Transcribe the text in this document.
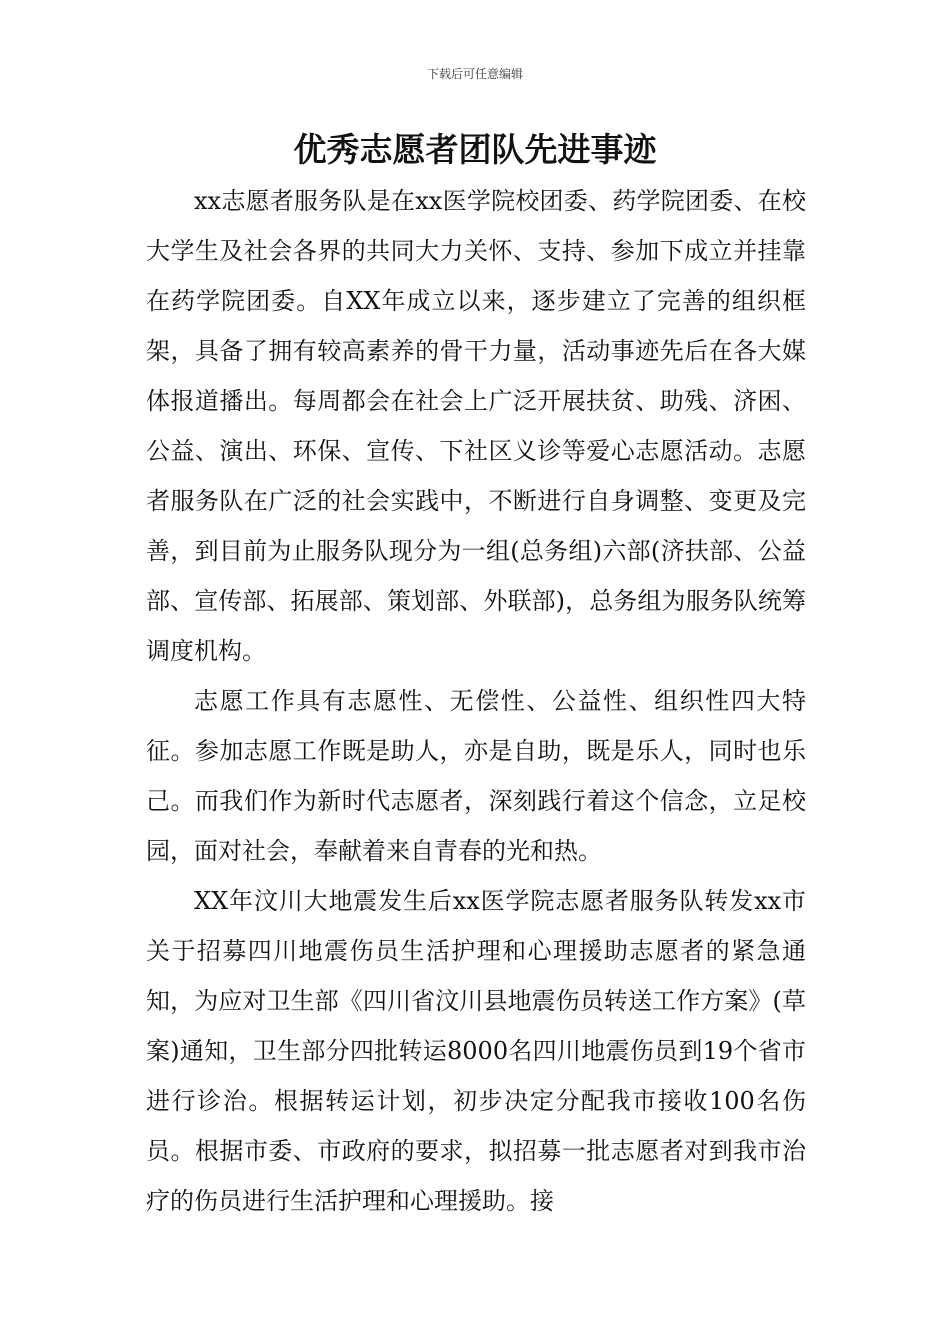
下载后可任意编辑
优秀志愿者团队先进事迹

xx志愿者服务队是在xx医学院校团委、药学院团委、在校大学生及社会各界的共同大力关怀、支持、参加下成立并挂靠在药学院团委。自XX年成立以来，逐步建立了完善的组织框架，具备了拥有较高素养的骨干力量，活动事迹先后在各大媒体报道播出。每周都会在社会上广泛开展扶贫、助残、济困、公益、演出、环保、宣传、下社区义诊等爱心志愿活动。志愿者服务队在广泛的社会实践中，不断进行自身调整、变更及完善，到目前为止服务队现分为一组(总务组)六部(济扶部、公益部、宣传部、拓展部、策划部、外联部)，总务组为服务队统筹调度机构。

志愿工作具有志愿性、无偿性、公益性、组织性四大特征。参加志愿工作既是助人，亦是自助，既是乐人，同时也乐己。而我们作为新时代志愿者，深刻践行着这个信念，立足校园，面对社会，奉献着来自青春的光和热。

XX年汶川大地震发生后xx医学院志愿者服务队转发xx市关于招募四川地震伤员生活护理和心理援助志愿者的紧急通知，为应对卫生部《四川省汶川县地震伤员转送工作方案》(草案)通知，卫生部分四批转运8000名四川地震伤员到19个省市进行诊治。根据转运计划，初步决定分配我市接收100名伤员。根据市委、市政府的要求，拟招募一批志愿者对到我市治疗的伤员进行生活护理和心理援助。接
